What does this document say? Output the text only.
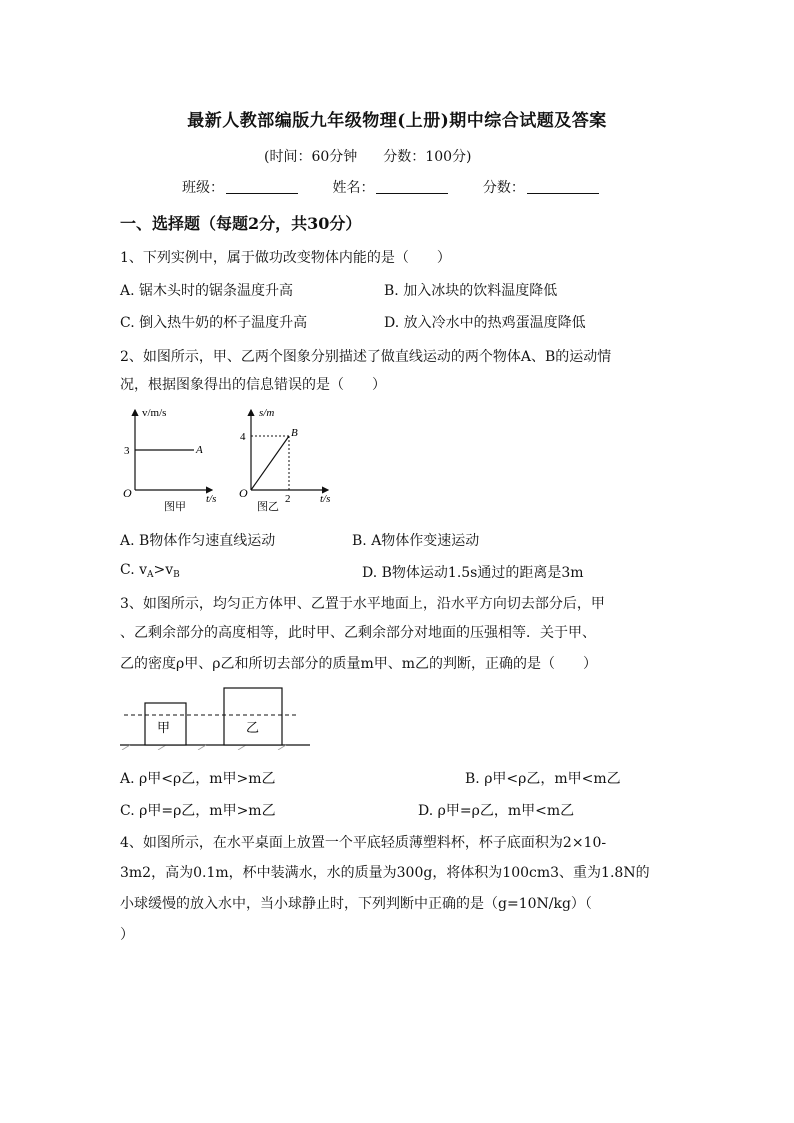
最新人教部编版九年级物理(上册)期中综合试题及答案
(时间：60分钟 分数：100分)
班级：	姓名：	分数：
一、选择题（每题2分，共30分）
1、下列实例中，属于做功改变物体内能的是（　　）
A. 锯木头时的锯条温度升高	B. 加入冰块的饮料温度降低
C. 倒入热牛奶的杯子温度升高	D. 放入冷水中的热鸡蛋温度降低
2、如图所示，甲、乙两个图象分别描述了做直线运动的两个物体A、B的运动情
况，根据图象得出的信息错误的是（　　）
v/m/s
3	A
O	t/s
图甲
s/m
4	B
O	2	t/s
图乙
A. B物体作匀速直线运动	B. A物体作变速运动
C. $v_A>v_B$	D. B物体运动1.5s通过的距离是3m
3、如图所示，均匀正方体甲、乙置于水平地面上，沿水平方向切去部分后，甲
、乙剩余部分的高度相等，此时甲、乙剩余部分对地面的压强相等．关于甲、
乙的密度ρ甲、ρ乙和所切去部分的质量m甲、m乙的判断，正确的是（　　）
甲	乙
A. ρ甲<ρ乙，m甲>m乙	B. ρ甲<ρ乙，m甲<m乙
C. ρ甲=ρ乙，m甲>m乙	D. ρ甲=ρ乙，m甲<m乙
4、如图所示，在水平桌面上放置一个平底轻质薄塑料杯，杯子底面积为2×10-
3m2，高为0.1m，杯中装满水，水的质量为300g，将体积为100cm3、重为1.8N的
小球缓慢的放入水中，当小球静止时，下列判断中正确的是（g=10N/kg）（
）
